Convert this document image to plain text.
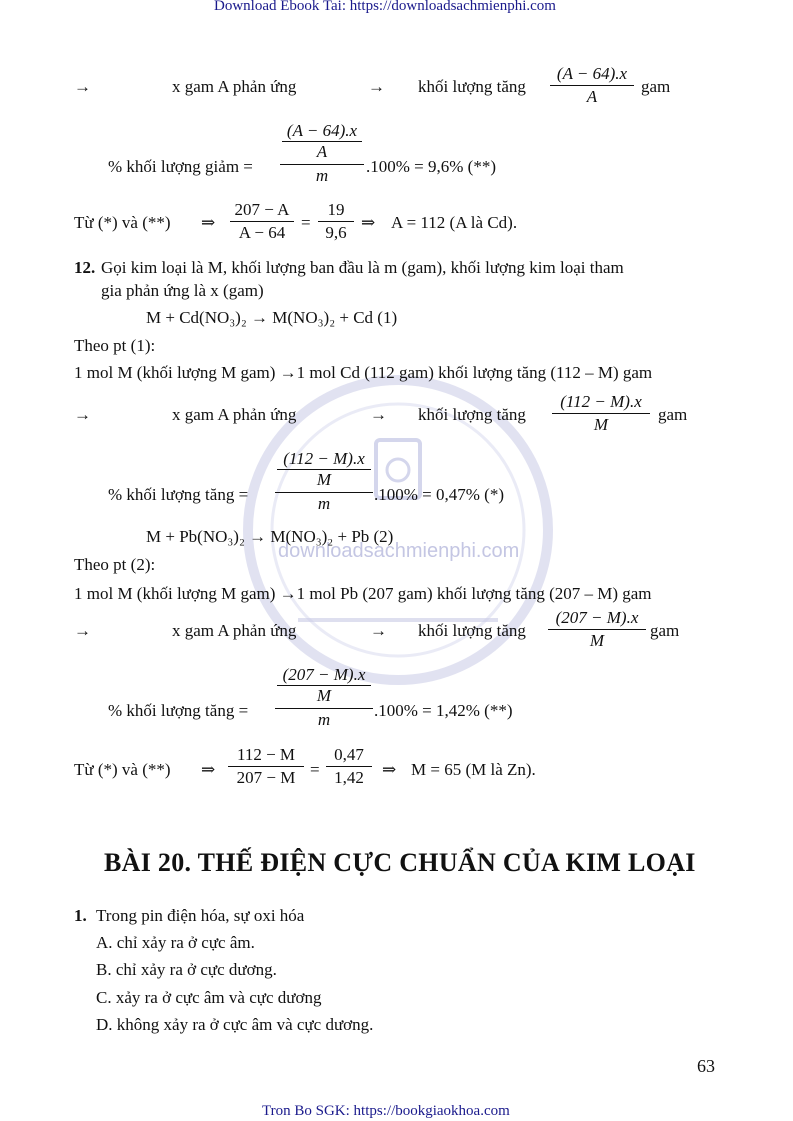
downloadsachmienphi.com
Download Ebook Tai: https://downloadsachmienphi.com
Tron Bo SGK: https://bookgiaokhoa.com
→	x gam A phản ứng	→ khối lượng tăng $\frac{(A - 64).x}{A}$ gam
% khối lượng giảm = (A − 64).x
A
m .100% = 9,6% (**)
Từ (*) và (**) ⇒ $\frac{207 - A}{A - 64} = \frac{19}{9,6}$ ⇒ A = 112 (A là Cd).
12. Gọi kim loại là M, khối lượng ban đầu là m (gam), khối lượng kim loại tham
gia phản ứng là x (gam)
M + Cd(NO₃)₂ → M(NO₃)₂ + Cd (1)
Theo pt (1):
1 mol M (khối lượng M gam) →1 mol Cd (112 gam) khối lượng tăng (112 – M) gam
→	x gam A phản ứng	→ khối lượng tăng $\frac{(112 - M).x}{M}$ gam
% khối lượng tăng = (112 − M).x
M
m .100% = 0,47% (*)
M + Pb(NO₃)₂ → M(NO₃)₂ + Pb (2)
Theo pt (2):
1 mol M (khối lượng M gam) →1 mol Pb (207 gam) khối lượng tăng (207 – M) gam
→	x gam A phản ứng	→ khối lượng tăng $\frac{(207 - M).x}{M}$ gam
% khối lượng tăng = (207 − M).x
M
m .100% = 1,42% (**)
Từ (*) và (**) ⇒ $\frac{112 - M}{207 - M} = \frac{0,47}{1,42}$ ⇒ M = 65 (M là Zn).
BÀI 20. THẾ ĐIỆN CỰC CHUẨN CỦA KIM LOẠI
1. Trong pin điện hóa, sự oxi hóa
A. chỉ xảy ra ở cực âm.
B. chỉ xảy ra ở cực dương.
C. xảy ra ở cực âm và cực dương
D. không xảy ra ở cực âm và cực dương.
63
